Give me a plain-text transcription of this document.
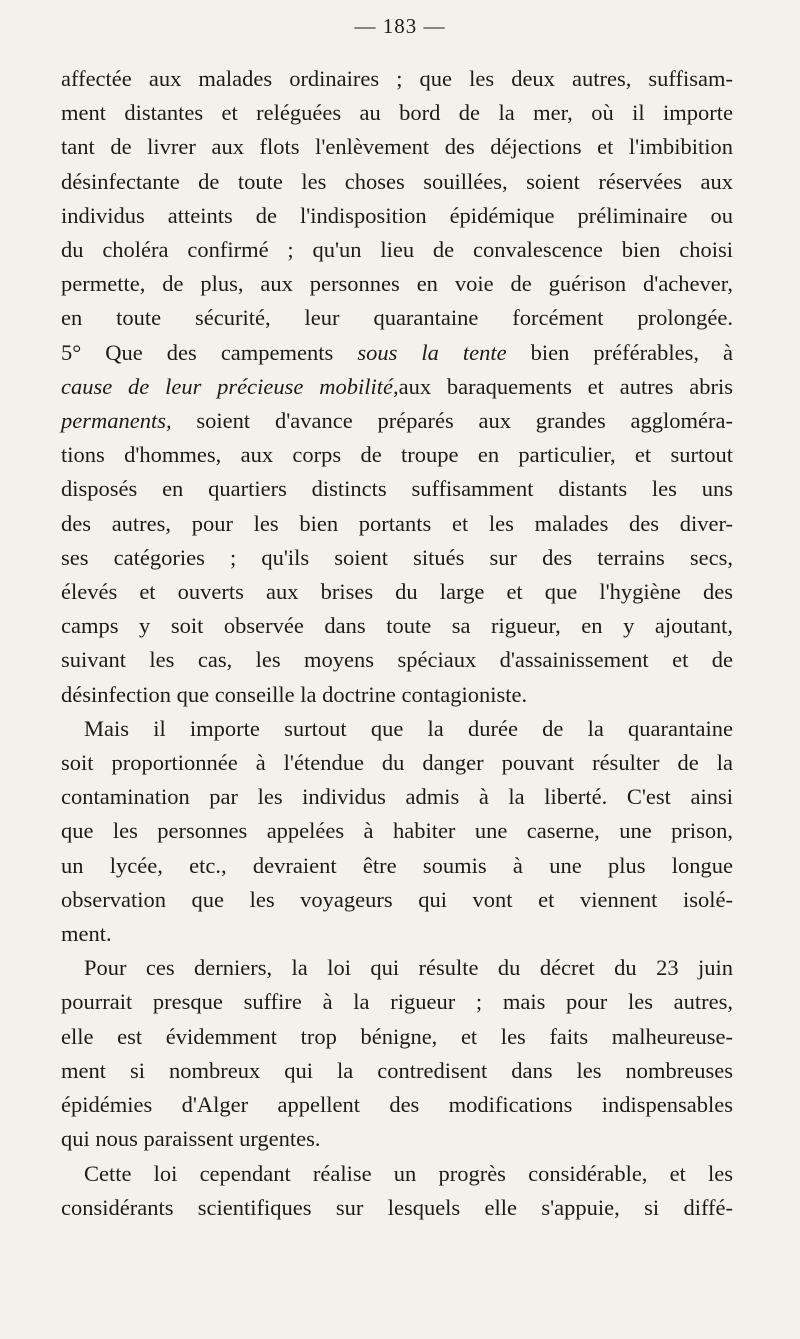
— 183 —
affectée aux malades ordinaires ; que les deux autres, suffisam-
ment distantes et reléguées au bord de la mer, où il importe
tant de livrer aux flots l'enlèvement des déjections et l'imbibition
désinfectante de toute les choses souillées, soient réservées aux
individus atteints de l'indisposition épidémique préliminaire ou
du choléra confirmé ; qu'un lieu de convalescence bien choisi
permette, de plus, aux personnes en voie de guérison d'achever,
en toute sécurité, leur quarantaine forcément prolongée.
5° Que des campements sous la tente bien préférables, à
cause de leur précieuse mobilité,aux baraquements et autres abris
permanents, soient d'avance préparés aux grandes aggloméra-
tions d'hommes, aux corps de troupe en particulier, et surtout
disposés en quartiers distincts suffisamment distants les uns
des autres, pour les bien portants et les malades des diver-
ses catégories ; qu'ils soient situés sur des terrains secs,
élevés et ouverts aux brises du large et que l'hygiène des
camps y soit observée dans toute sa rigueur, en y ajoutant,
suivant les cas, les moyens spéciaux d'assainissement et de
désinfection que conseille la doctrine contagioniste.
Mais il importe surtout que la durée de la quarantaine
soit proportionnée à l'étendue du danger pouvant résulter de la
contamination par les individus admis à la liberté. C'est ainsi
que les personnes appelées à habiter une caserne, une prison,
un lycée, etc., devraient être soumis à une plus longue
observation que les voyageurs qui vont et viennent isolé-
ment.
Pour ces derniers, la loi qui résulte du décret du 23 juin
pourrait presque suffire à la rigueur ; mais pour les autres,
elle est évidemment trop bénigne, et les faits malheureuse-
ment si nombreux qui la contredisent dans les nombreuses
épidémies d'Alger appellent des modifications indispensables
qui nous paraissent urgentes.
Cette loi cependant réalise un progrès considérable, et les
considérants scientifiques sur lesquels elle s'appuie, si diffé-
